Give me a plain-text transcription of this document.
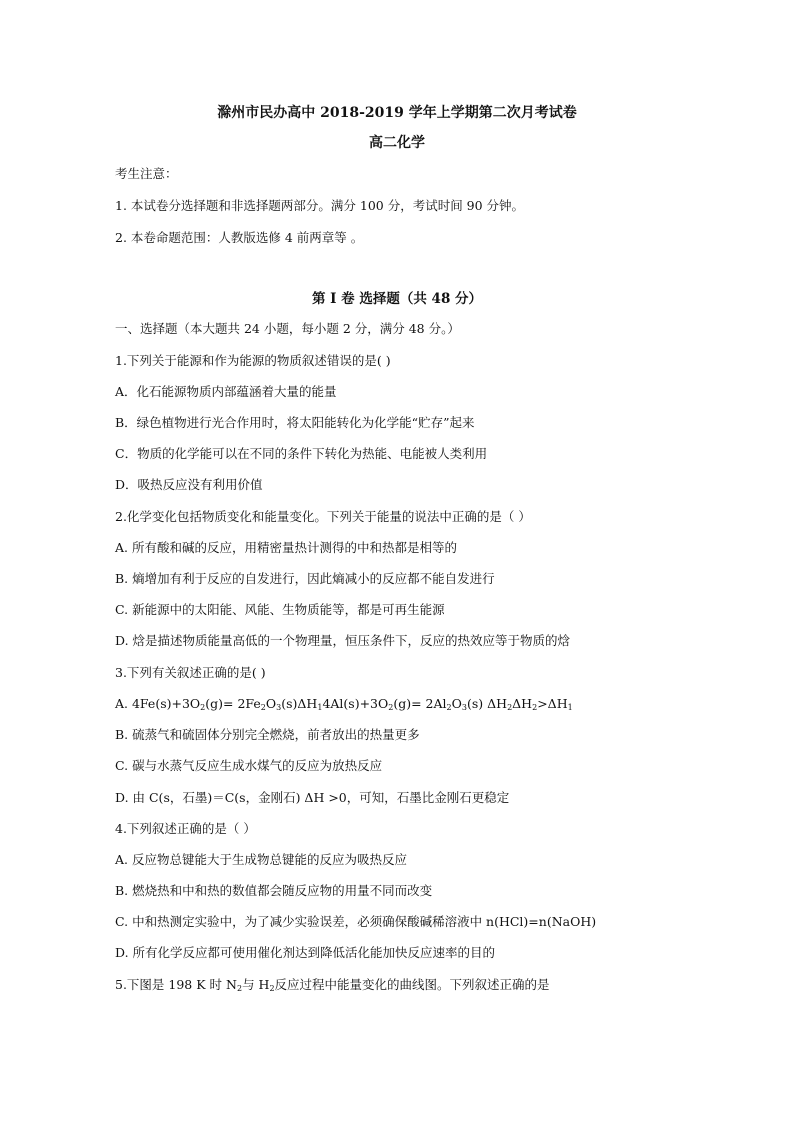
滁州市民办高中 2018-2019 学年上学期第二次月考试卷
高二化学
考生注意：
1. 本试卷分选择题和非选择题两部分。满分 100 分，考试时间 90 分钟。
2. 本卷命题范围：人教版选修 4 前两章等 。
第 I 卷 选择题（共 48 分）
一、选择题（本大题共 24 小题，每小题 2 分，满分 48 分。）
1.下列关于能源和作为能源的物质叙述错误的是( )
A．化石能源物质内部蕴涵着大量的能量
B．绿色植物进行光合作用时，将太阳能转化为化学能“贮存”起来
C．物质的化学能可以在不同的条件下转化为热能、电能被人类利用
D．吸热反应没有利用价值
2.化学变化包括物质变化和能量变化。下列关于能量的说法中正确的是（ ）
A. 所有酸和碱的反应，用精密量热计测得的中和热都是相等的
B. 熵增加有利于反应的自发进行，因此熵减小的反应都不能自发进行
C. 新能源中的太阳能、风能、生物质能等，都是可再生能源
D. 焓是描述物质能量高低的一个物理量，恒压条件下，反应的热效应等于物质的焓
3.下列有关叙述正确的是( )
A. $4Fe(s)+3O_2(g)= 2Fe_2O_3(s)\Delta H_14Al(s)+3O_2(g)= 2Al_2O_3(s)$ $\Delta H_2\Delta H_2>\Delta H_1$
B. 硫蒸气和硫固体分别完全燃烧，前者放出的热量更多
C. 碳与水蒸气反应生成水煤气的反应为放热反应
D. 由 C(s，石墨)＝C(s，金刚石) ΔH >0，可知，石墨比金刚石更稳定
4.下列叙述正确的是（ ）
A. 反应物总键能大于生成物总键能的反应为吸热反应
B. 燃烧热和中和热的数值都会随反应物的用量不同而改变
C. 中和热测定实验中，为了减少实验误差，必须确保酸碱稀溶液中 n(HCl)=n(NaOH)
D. 所有化学反应都可使用催化剂达到降低活化能加快反应速率的目的
5.下图是 198 K 时 $N_2$与 $H_2$反应过程中能量变化的曲线图。下列叙述正确的是
